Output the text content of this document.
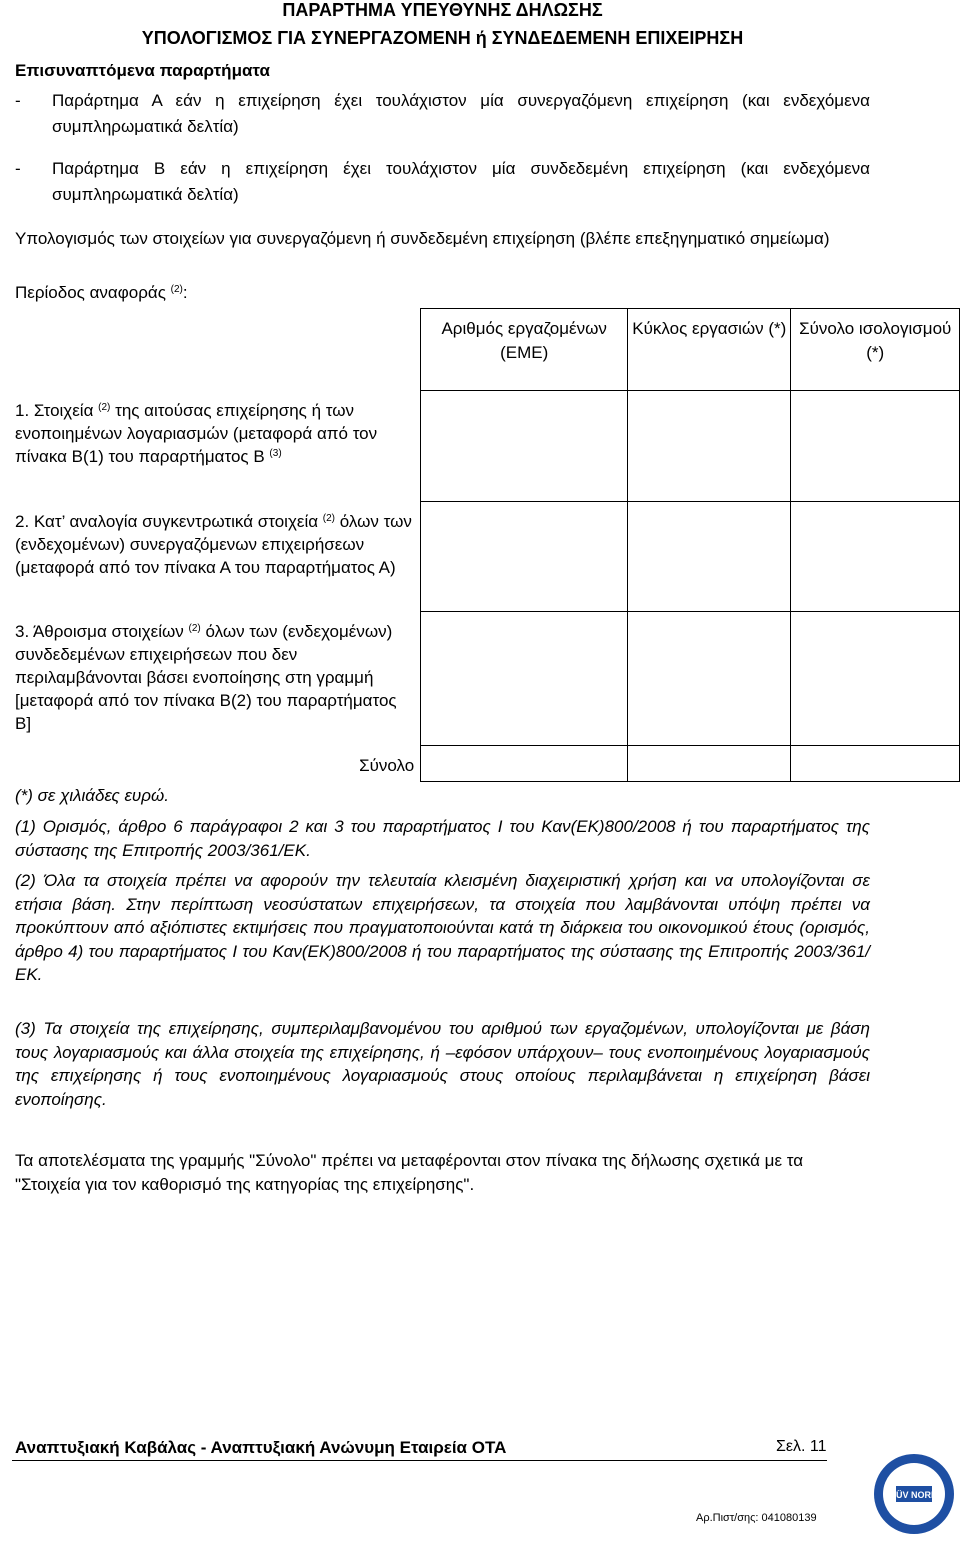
ΠΑΡΑΡΤΗΜΑ ΥΠΕΥΘΥΝΗΣ ΔΗΛΩΣΗΣ
ΥΠΟΛΟΓΙΣΜΟΣ ΓΙΑ ΣΥΝΕΡΓΑΖΟΜΕΝΗ ή ΣΥΝΔΕΔΕΜΕΝΗ ΕΠΙΧΕΙΡΗΣΗ
Επισυναπτόμενα παραρτήματα
-	Παράρτημα Α εάν η επιχείρηση έχει τουλάχιστον μία συνεργαζόμενη επιχείρηση (και ενδεχόμενα συμπληρωματικά δελτία)
-	Παράρτημα Β εάν η επιχείρηση έχει τουλάχιστον μία συνδεδεμένη επιχείρηση (και ενδεχόμενα συμπληρωματικά δελτία)
Υπολογισμός των στοιχείων για συνεργαζόμενη ή συνδεδεμένη επιχείρηση (βλέπε επεξηγηματικό σημείωμα)
Περίοδος αναφοράς $^{(2)}$:
	Αριθμός εργαζομένων (ΕΜΕ)	Κύκλος εργασιών (*)	Σύνολο ισολογισμού (*)
1. Στοιχεία $^{(2)}$ της αιτούσας επιχείρησης ή των ενοποιημένων λογαριασμών (μεταφορά από τον πίνακα Β(1) του παραρτήματος Β $^{(3)}$			
2. Κατ’ αναλογία συγκεντρωτικά στοιχεία $^{(2)}$ όλων των (ενδεχομένων) συνεργαζόμενων επιχειρήσεων (μεταφορά από τον πίνακα Α του παραρτήματος Α)			
3. Άθροισμα στοιχείων $^{(2)}$ όλων των (ενδεχομένων) συνδεδεμένων επιχειρήσεων που δεν περιλαμβάνονται βάσει ενοποίησης στη γραμμή [μεταφορά από τον πίνακα Β(2) του παραρτήματος Β]			
Σύνολο			
(*) σε χιλιάδες ευρώ.
(1) Ορισμός, άρθρο 6 παράγραφοι 2 και 3 του παραρτήματος Ι του Καν(ΕΚ)800/2008 ή του παραρτήματος της σύστασης της Επιτροπής 2003/361/ΕΚ.
(2) Όλα τα στοιχεία πρέπει να αφορούν την τελευταία κλεισμένη διαχειριστική χρήση και να υπολογίζονται σε ετήσια βάση. Στην περίπτωση νεοσύστατων επιχειρήσεων, τα στοιχεία που λαμβάνονται υπόψη πρέπει να προκύπτουν από αξιόπιστες εκτιμήσεις που πραγματοποιούνται κατά τη διάρκεια του οικονομικού έτους (ορισμός, άρθρο 4) του παραρτήματος Ι του Καν(ΕΚ)800/2008 ή του παραρτήματος της σύστασης της Επιτροπής 2003/361/ΕΚ.
(3) Τα στοιχεία της επιχείρησης, συμπεριλαμβανομένου του αριθμού των εργαζομένων, υπολογίζονται με βάση τους λογαριασμούς και άλλα στοιχεία της επιχείρησης, ή –εφόσον υπάρχουν– τους ενοποιημένους λογαριασμούς της επιχείρησης ή τους ενοποιημένους λογαριασμούς στους οποίους περιλαμβάνεται η επιχείρηση βάσει ενοποίησης.
Τα αποτελέσματα της γραμμής "Σύνολο" πρέπει να μεταφέρονται στον πίνακα της δήλωσης σχετικά με τα "Στοιχεία για τον καθορισμό της κατηγορίας της επιχείρησης".
Αναπτυξιακή Καβάλας - Αναπτυξιακή Ανώνυμη Εταιρεία ΟΤΑ	Σελ. 11
Αρ.Πιστ/σης: 041080139
TÜV NORD
